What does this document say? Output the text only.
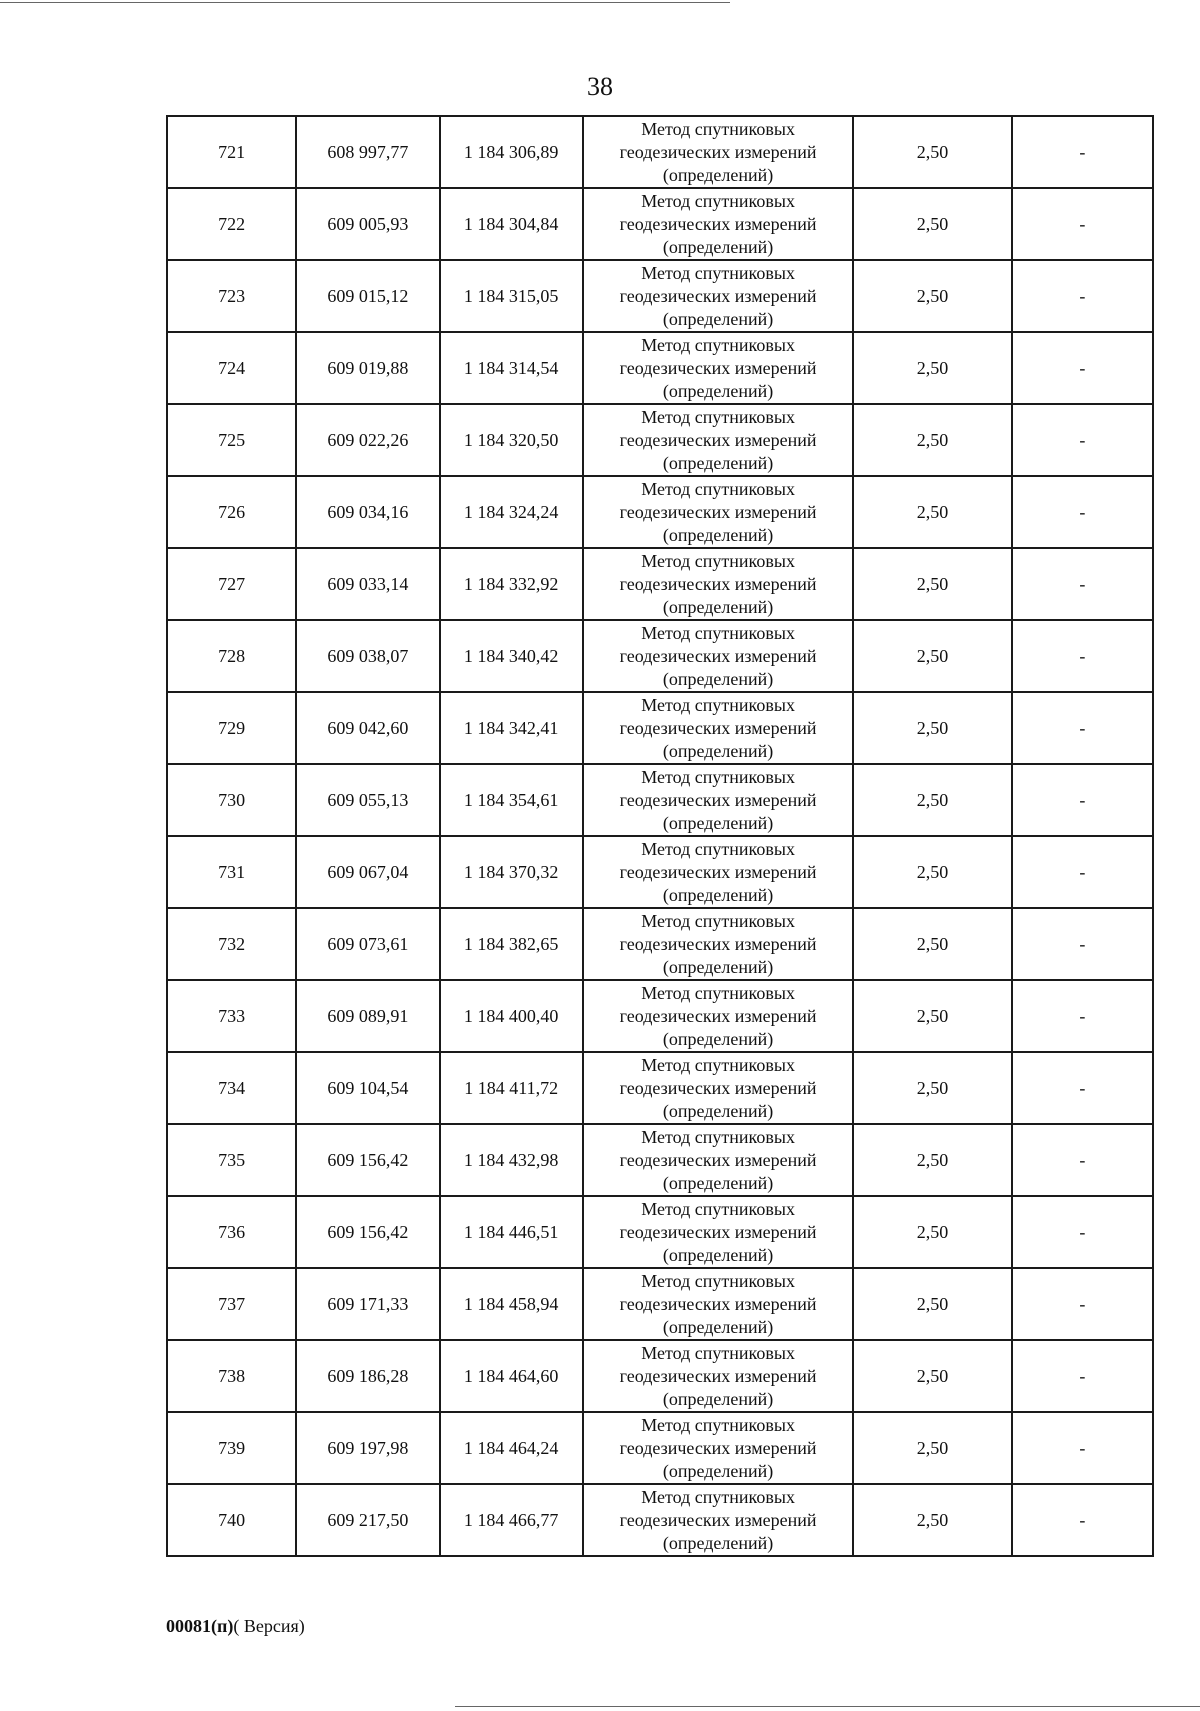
38
721	608 997,77	1 184 306,89	Метод спутниковых
геодезических измерений
(определений)	2,50	-
722	609 005,93	1 184 304,84	Метод спутниковых
геодезических измерений
(определений)	2,50	-
723	609 015,12	1 184 315,05	Метод спутниковых
геодезических измерений
(определений)	2,50	-
724	609 019,88	1 184 314,54	Метод спутниковых
геодезических измерений
(определений)	2,50	-
725	609 022,26	1 184 320,50	Метод спутниковых
геодезических измерений
(определений)	2,50	-
726	609 034,16	1 184 324,24	Метод спутниковых
геодезических измерений
(определений)	2,50	-
727	609 033,14	1 184 332,92	Метод спутниковых
геодезических измерений
(определений)	2,50	-
728	609 038,07	1 184 340,42	Метод спутниковых
геодезических измерений
(определений)	2,50	-
729	609 042,60	1 184 342,41	Метод спутниковых
геодезических измерений
(определений)	2,50	-
730	609 055,13	1 184 354,61	Метод спутниковых
геодезических измерений
(определений)	2,50	-
731	609 067,04	1 184 370,32	Метод спутниковых
геодезических измерений
(определений)	2,50	-
732	609 073,61	1 184 382,65	Метод спутниковых
геодезических измерений
(определений)	2,50	-
733	609 089,91	1 184 400,40	Метод спутниковых
геодезических измерений
(определений)	2,50	-
734	609 104,54	1 184 411,72	Метод спутниковых
геодезических измерений
(определений)	2,50	-
735	609 156,42	1 184 432,98	Метод спутниковых
геодезических измерений
(определений)	2,50	-
736	609 156,42	1 184 446,51	Метод спутниковых
геодезических измерений
(определений)	2,50	-
737	609 171,33	1 184 458,94	Метод спутниковых
геодезических измерений
(определений)	2,50	-
738	609 186,28	1 184 464,60	Метод спутниковых
геодезических измерений
(определений)	2,50	-
739	609 197,98	1 184 464,24	Метод спутниковых
геодезических измерений
(определений)	2,50	-
740	609 217,50	1 184 466,77	Метод спутниковых
геодезических измерений
(определений)	2,50	-
00081(п)( Версия)
